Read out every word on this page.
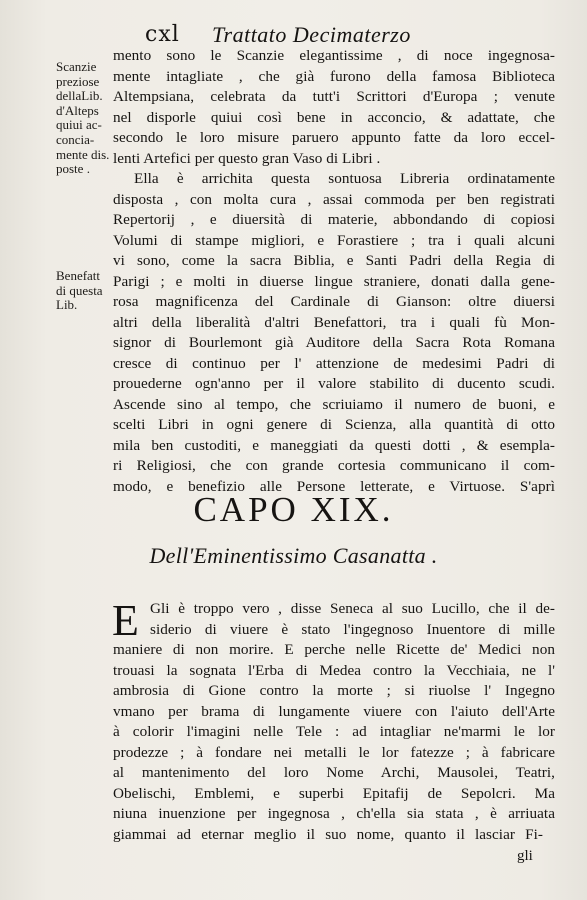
cxl Trattato Decimaterzo
Scanzie
preziose
dellaLib.
d'Alteps
quiui ac-
concia-
mente dis.
poste .
Benefatt
di questa
Lib.
mento sono le Scanzie elegantissime , di noce ingegnosa-
mente intagliate , che già furono della famosa Biblioteca
Altempsiana, celebrata da tutt'i Scrittori d'Europa ; venute
nel disporle quiui così bene in acconcio, & adattate, che
secondo le loro misure paruero appunto fatte da loro eccel-
lenti Artefici per questo gran Vaso di Libri .
Ella è arrichita questa sontuosa Libreria ordinatamente
disposta , con molta cura , assai commoda per ben registrati
Repertorij , e diuersità di materie, abbondando di copiosi
Volumi di stampe migliori, e Forastiere ; tra i quali alcuni
vi sono, come la sacra Biblia, e Santi Padri della Regia di
Parigi ; e molti in diuerse lingue straniere, donati dalla gene-
rosa magnificenza del Cardinale di Gianson: oltre diuersi
altri della liberalità d'altri Benefattori, tra i quali fù Mon-
signor di Bourlemont già Auditore della Sacra Rota Romana
cresce di continuo per l' attenzione de medesimi Padri di
prouederne ogn'anno per il valore stabilito di ducento scudi.
Ascende sino al tempo, che scriuiamo il numero de buoni, e
scelti Libri in ogni genere di Scienza, alla quantità di otto
mila ben custoditi, e maneggiati da questi dotti , & esempla-
ri Religiosi, che con grande cortesia communicano il com-
modo, e benefizio alle Persone letterate, e Virtuose. S'aprì
CAPO XIX.
Dell'Eminentissimo Casanatta .
E Gli è troppo vero , disse Seneca al suo Lucillo, che il de-
siderio di viuere è stato l'ingegnoso Inuentore di mille
maniere di non morire. E perche nelle Ricette de' Medici non
trouasi la sognata l'Erba di Medea contro la Vecchiaia, ne l'
ambrosia di Gione contro la morte ; si riuolse l' Ingegno
vmano per brama di lungamente viuere con l'aiuto dell'Arte
à colorir l'imagini nelle Tele : ad intagliar ne'marmi le lor
prodezze ; à fondare nei metalli le lor fatezze ; à fabricare
al mantenimento del loro Nome Archi, Mausolei, Teatri,
Obelischi, Emblemi, e superbi Epitafij de Sepolcri. Ma
niuna inuenzione per ingegnosa , ch'ella sia stata , è arriuata
giammai ad eternar meglio il suo nome, quanto il lasciar Fi-
gli
